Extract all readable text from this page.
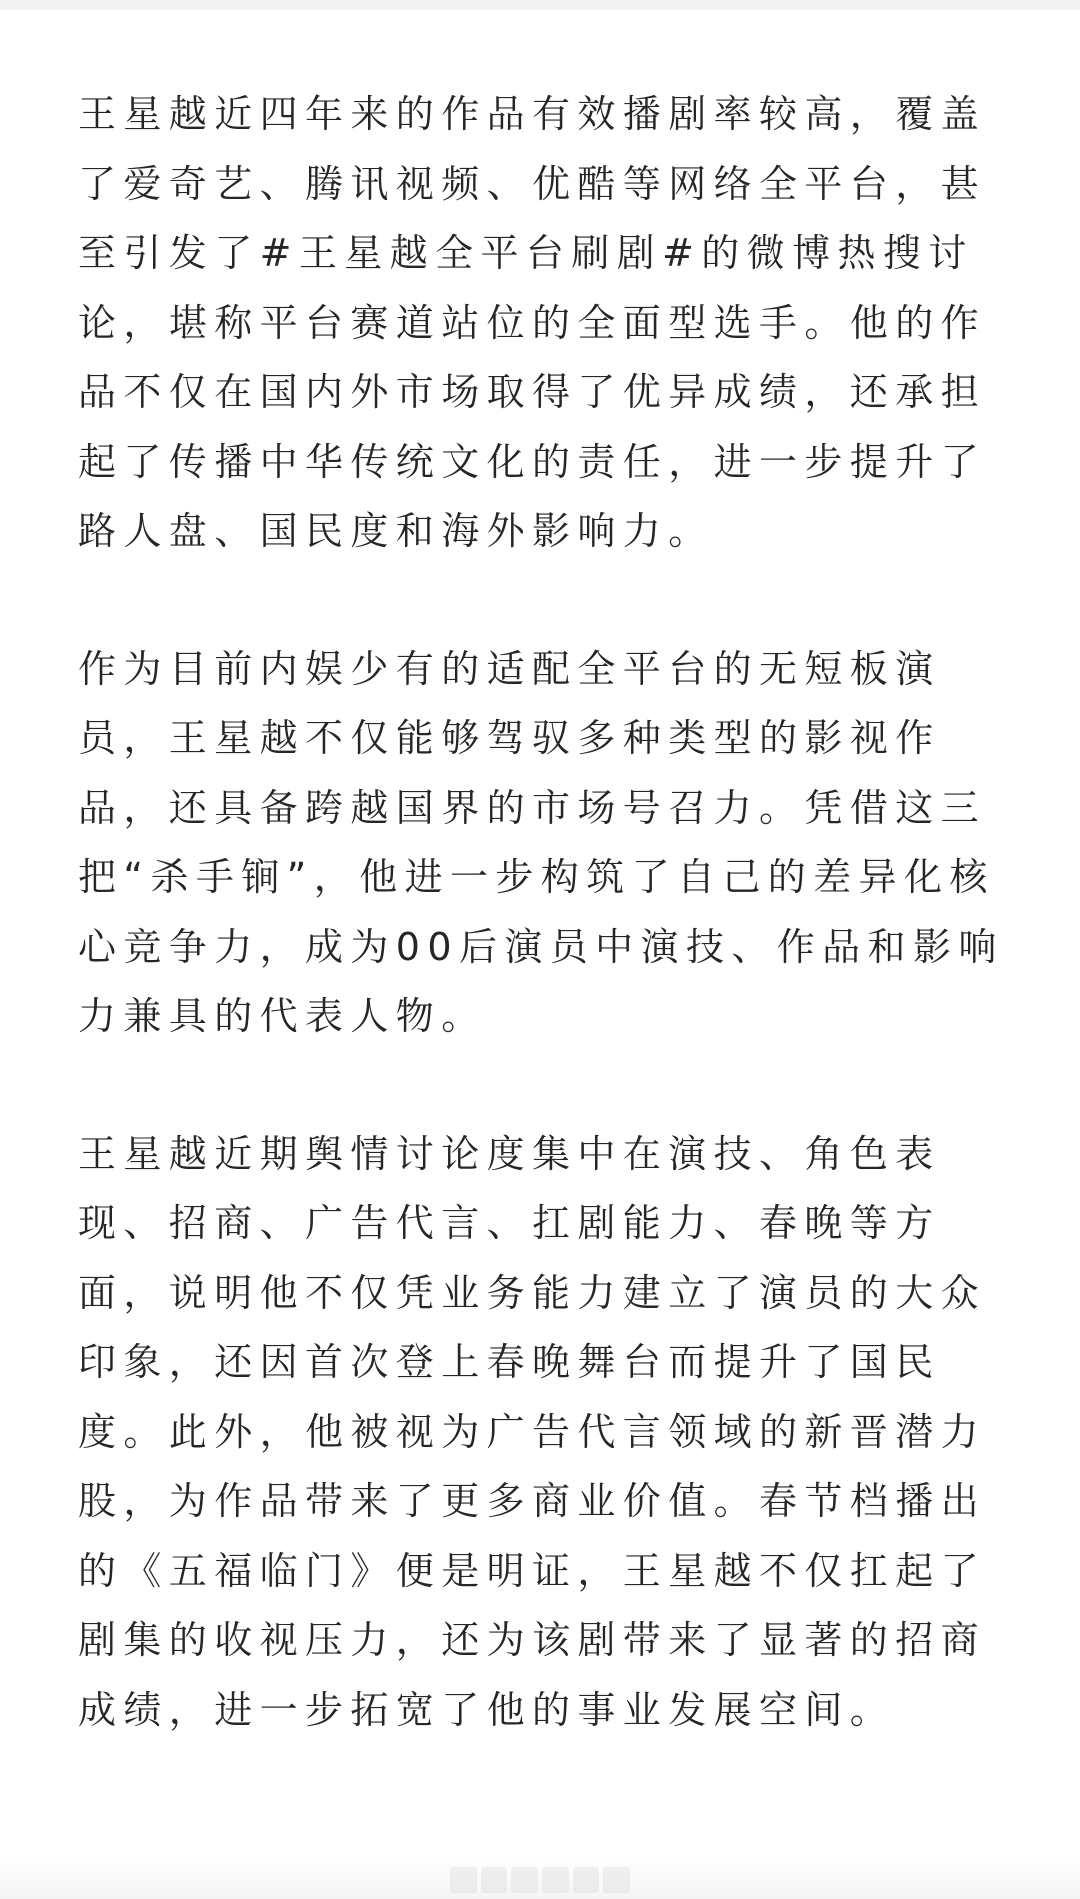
王星越近四年来的作品有效播剧率较高，覆盖了爱奇艺、腾讯视频、优酷等网络全平台，甚至引发了#王星越全平台刷剧#的微博热搜讨论，堪称平台赛道站位的全面型选手。他的作品不仅在国内外市场取得了优异成绩，还承担起了传播中华传统文化的责任，进一步提升了路人盘、国民度和海外影响力。

作为目前内娱少有的适配全平台的无短板演员，王星越不仅能够驾驭多种类型的影视作品，还具备跨越国界的市场号召力。凭借这三把“杀手锏”，他进一步构筑了自己的差异化核心竞争力，成为00后演员中演技、作品和影响力兼具的代表人物。

王星越近期舆情讨论度集中在演技、角色表现、招商、广告代言、扛剧能力、春晚等方面，说明他不仅凭业务能力建立了演员的大众印象，还因首次登上春晚舞台而提升了国民度。此外，他被视为广告代言领域的新晋潜力股，为作品带来了更多商业价值。春节档播出的《五福临门》便是明证，王星越不仅扛起了剧集的收视压力，还为该剧带来了显著的招商成绩，进一步拓宽了他的事业发展空间。
